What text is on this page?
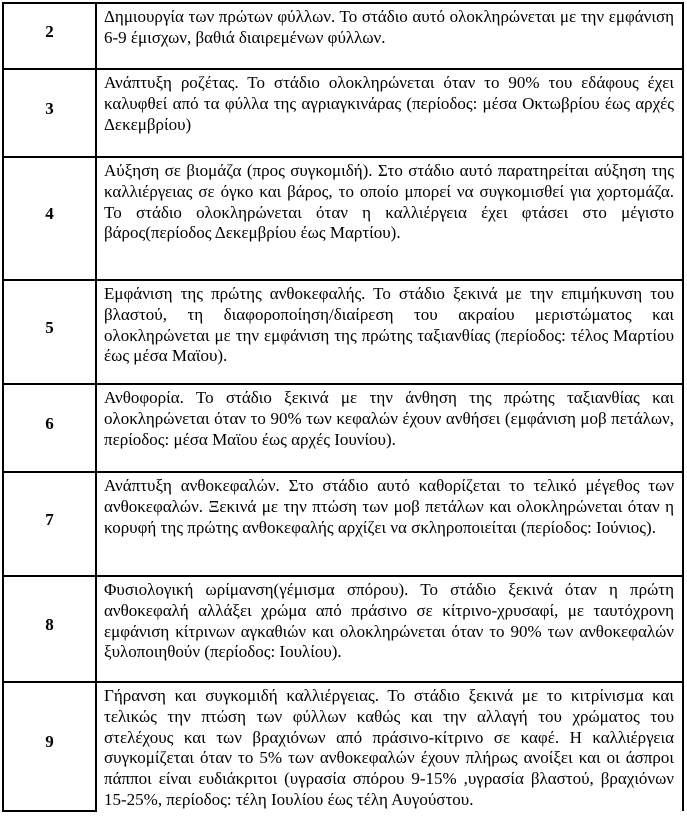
2	Δημιουργία των πρώτων φύλλων. Το στάδιο αυτό ολοκληρώνεται με την εμφάνιση 6-9 έμισχων, βαθιά διαιρεμένων φύλλων.
3	Ανάπτυξη ροζέτας. Το στάδιο ολοκληρώνεται όταν το 90% του εδάφους έχει καλυφθεί από τα φύλλα της αγριαγκινάρας (περίοδος: μέσα Οκτωβρίου έως αρχές Δεκεμβρίου)
4	Αύξηση σε βιομάζα (προς συγκομιδή). Στο στάδιο αυτό παρατηρείται αύξηση της καλλιέργειας σε όγκο και βάρος, το οποίο μπορεί να συγκομισθεί για χορτομάζα. Το στάδιο ολοκληρώνεται όταν η καλλιέργεια έχει φτάσει στο μέγιστο βάρος(περίοδος Δεκεμβρίου έως Μαρτίου).
5	Εμφάνιση της πρώτης ανθοκεφαλής. Το στάδιο ξεκινά με την επιμήκυνση του βλαστού, τη διαφοροποίηση/διαίρεση του ακραίου μεριστώματος και ολοκληρώνεται με την εμφάνιση της πρώτης ταξιανθίας (περίοδος: τέλος Μαρτίου έως μέσα Μαϊου).
6	Ανθοφορία. Το στάδιο ξεκινά με την άνθηση της πρώτης ταξιανθίας και ολοκληρώνεται όταν το 90% των κεφαλών έχουν ανθήσει (εμφάνιση μοβ πετάλων, περίοδος: μέσα Μαϊου έως αρχές Ιουνίου).
7	Ανάπτυξη ανθοκεφαλών. Στο στάδιο αυτό καθορίζεται το τελικό μέγεθος των ανθοκεφαλών. Ξεκινά με την πτώση των μοβ πετάλων και ολοκληρώνεται όταν η κορυφή της πρώτης ανθοκεφαλής αρχίζει να σκληροποιείται (περίοδος: Ιούνιος).
8	Φυσιολογική ωρίμανση(γέμισμα σπόρου). Το στάδιο ξεκινά όταν η πρώτη ανθοκεφαλή αλλάξει χρώμα από πράσινο σε κίτρινο-χρυσαφί, με ταυτόχρονη εμφάνιση κίτρινων αγκαθιών και ολοκληρώνεται όταν το 90% των ανθοκεφαλών ξυλοποιηθούν (περίοδος: Ιουλίου).
9	Γήρανση και συγκομιδή καλλιέργειας. Το στάδιο ξεκινά με το κιτρίνισμα και τελικώς την πτώση των φύλλων καθώς και την αλλαγή του χρώματος του στελέχους και των βραχιόνων από πράσινο-κίτρινο σε καφέ. Η καλλιέργεια συγκομίζεται όταν το 5% των ανθοκεφαλών έχουν πλήρως ανοίξει και οι άσπροι πάπποι είναι ευδιάκριτοι (υγρασία σπόρου 9-15% ,υγρασία βλαστού, βραχιόνων 15-25%, περίοδος: τέλη Ιουλίου έως τέλη Αυγούστου.
